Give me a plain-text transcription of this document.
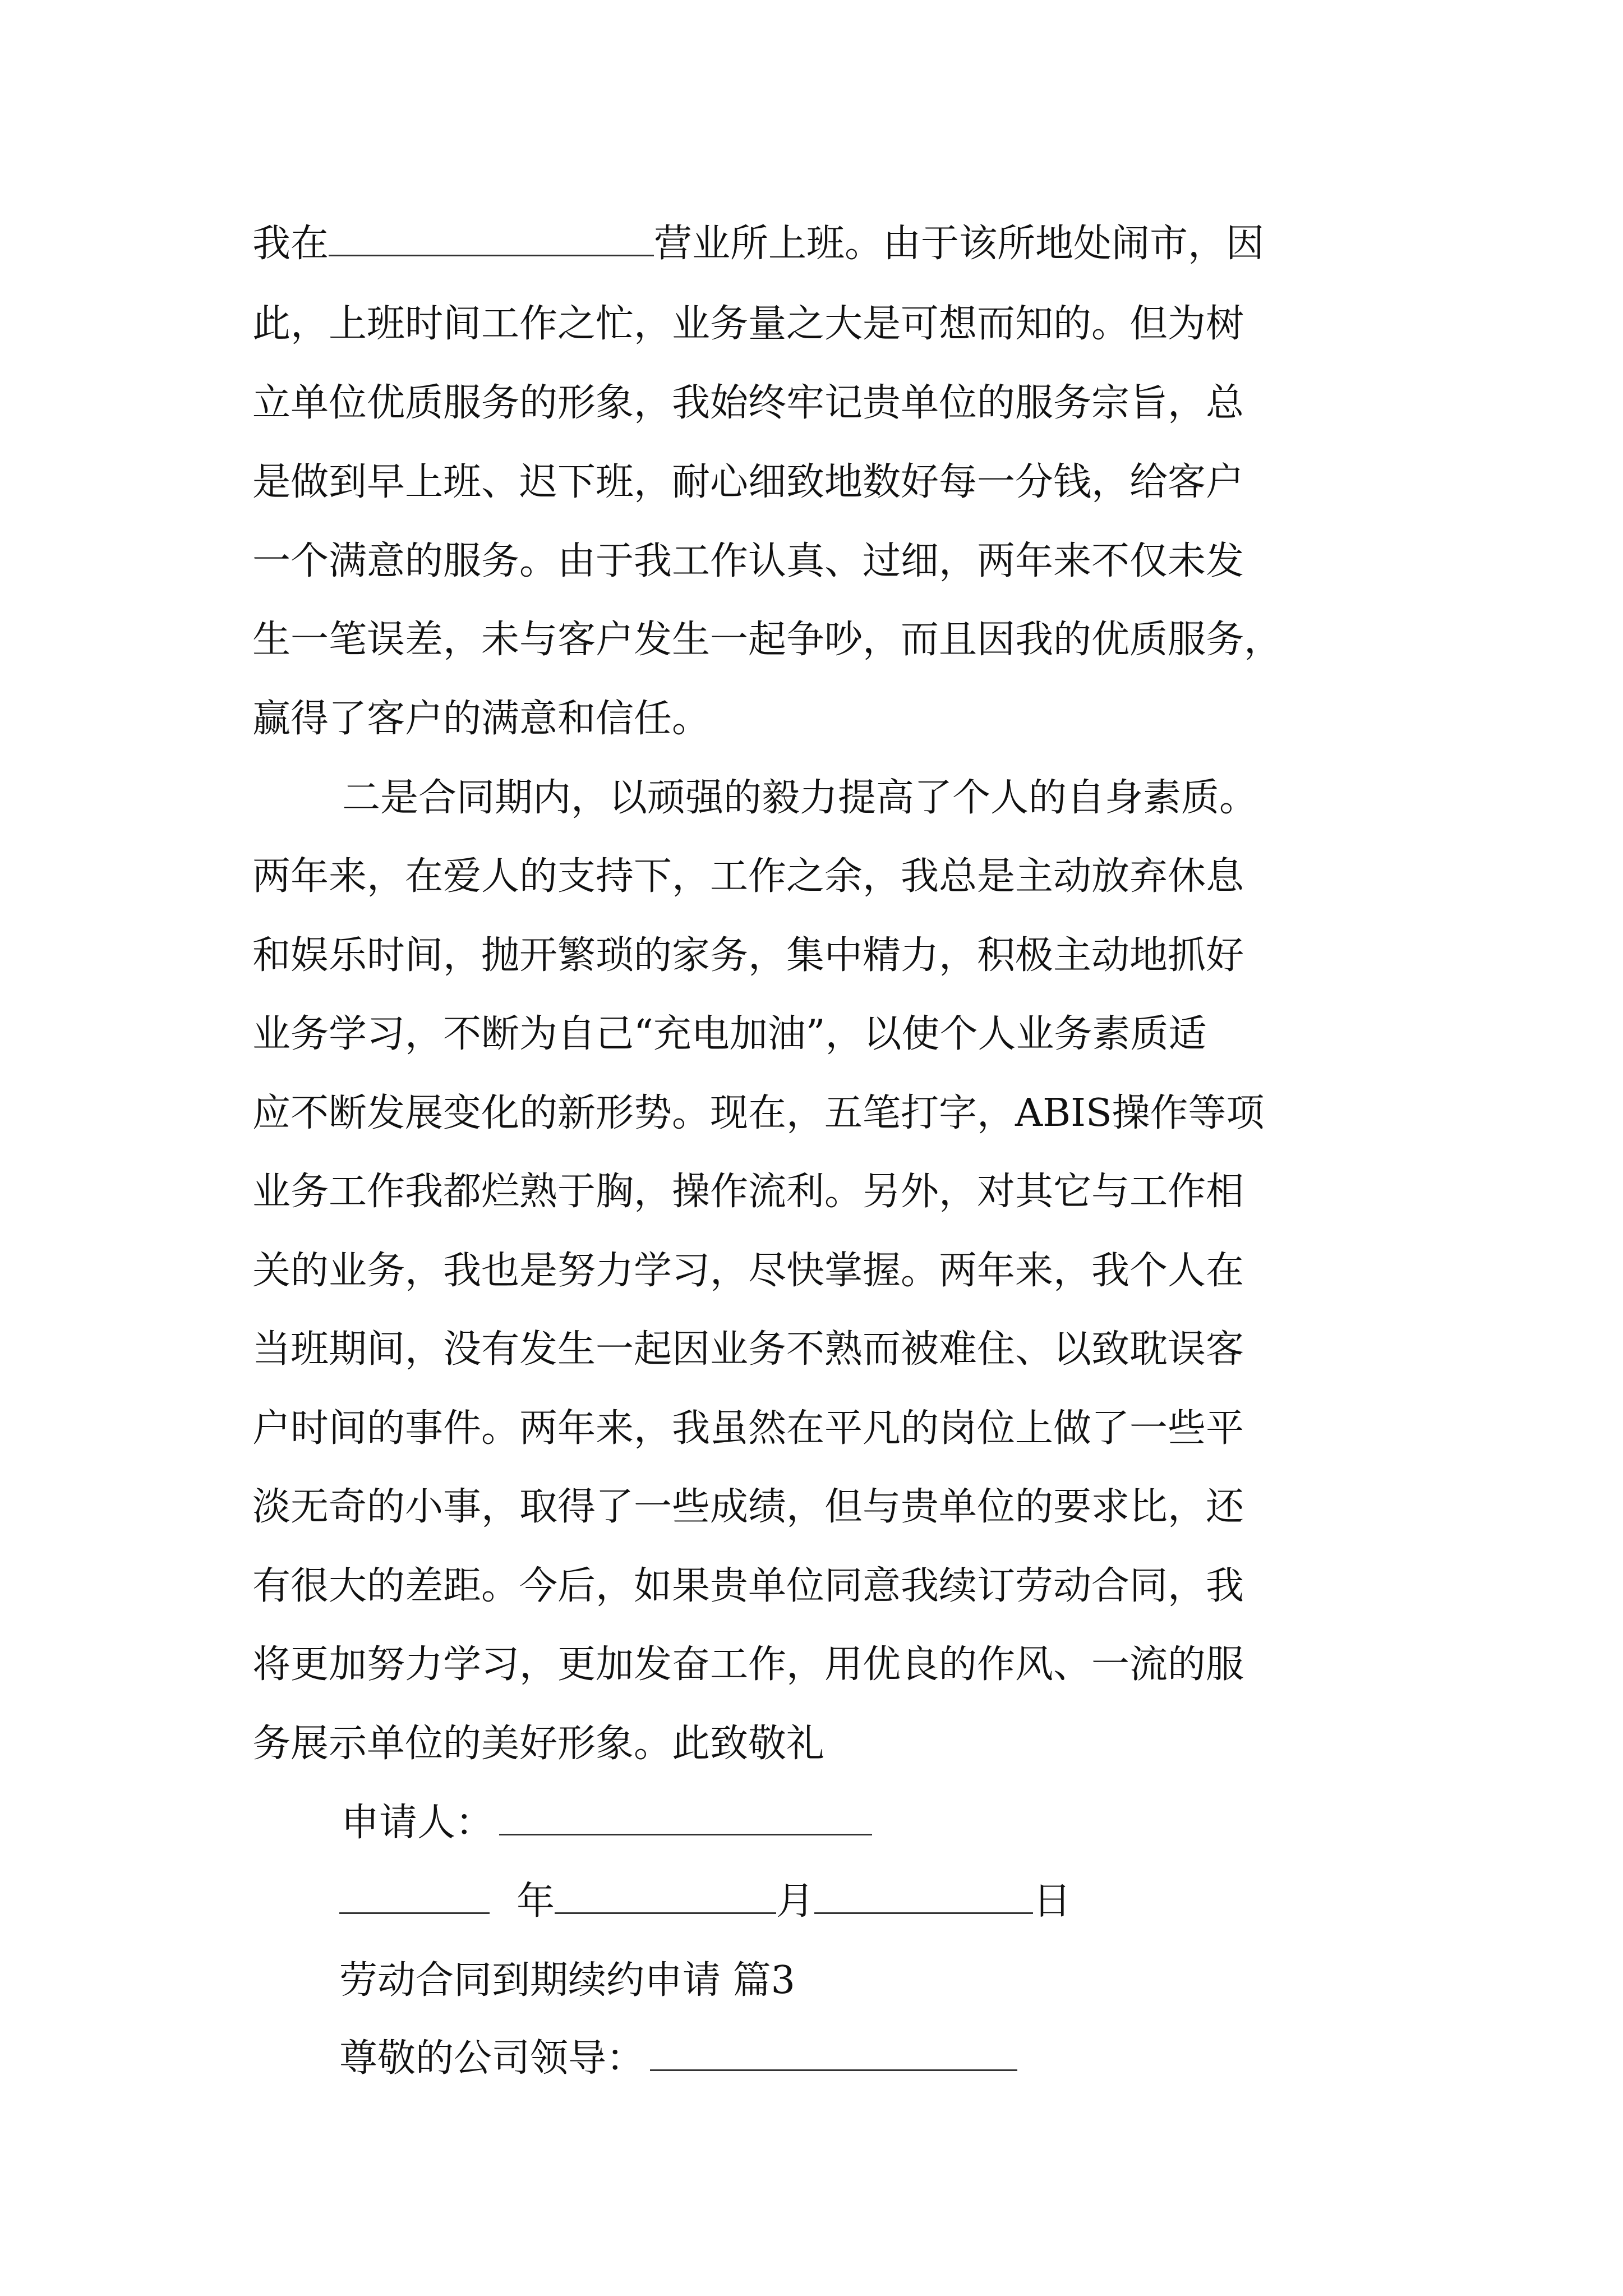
我在	营业所上班。由于该所地处闹市，因
此，上班时间工作之忙，业务量之大是可想而知的。但为树
立单位优质服务的形象，我始终牢记贵单位的服务宗旨，总
是做到早上班、迟下班，耐心细致地数好每一分钱，给客户
一个满意的服务。由于我工作认真、过细，两年来不仅未发
生一笔误差，未与客户发生一起争吵，而且因我的优质服务，
赢得了客户的满意和信任。
二是合同期内，以顽强的毅力提高了个人的自身素质。
两年来，在爱人的支持下，工作之余，我总是主动放弃休息
和娱乐时间，抛开繁琐的家务，集中精力，积极主动地抓好
业务学习，不断为自己“充电加油”，以使个人业务素质适
应不断发展变化的新形势。现在，五笔打字，ABIS操作等项
业务工作我都烂熟于胸，操作流利。另外，对其它与工作相
关的业务，我也是努力学习，尽快掌握。两年来，我个人在
当班期间，没有发生一起因业务不熟而被难住、以致耽误客
户时间的事件。两年来，我虽然在平凡的岗位上做了一些平
淡无奇的小事，取得了一些成绩，但与贵单位的要求比，还
有很大的差距。今后，如果贵单位同意我续订劳动合同，我
将更加努力学习，更加发奋工作，用优良的作风、一流的服
务展示单位的美好形象。此致敬礼
申请人：
年	月	日
劳动合同到期续约申请 篇3
尊敬的公司领导：
